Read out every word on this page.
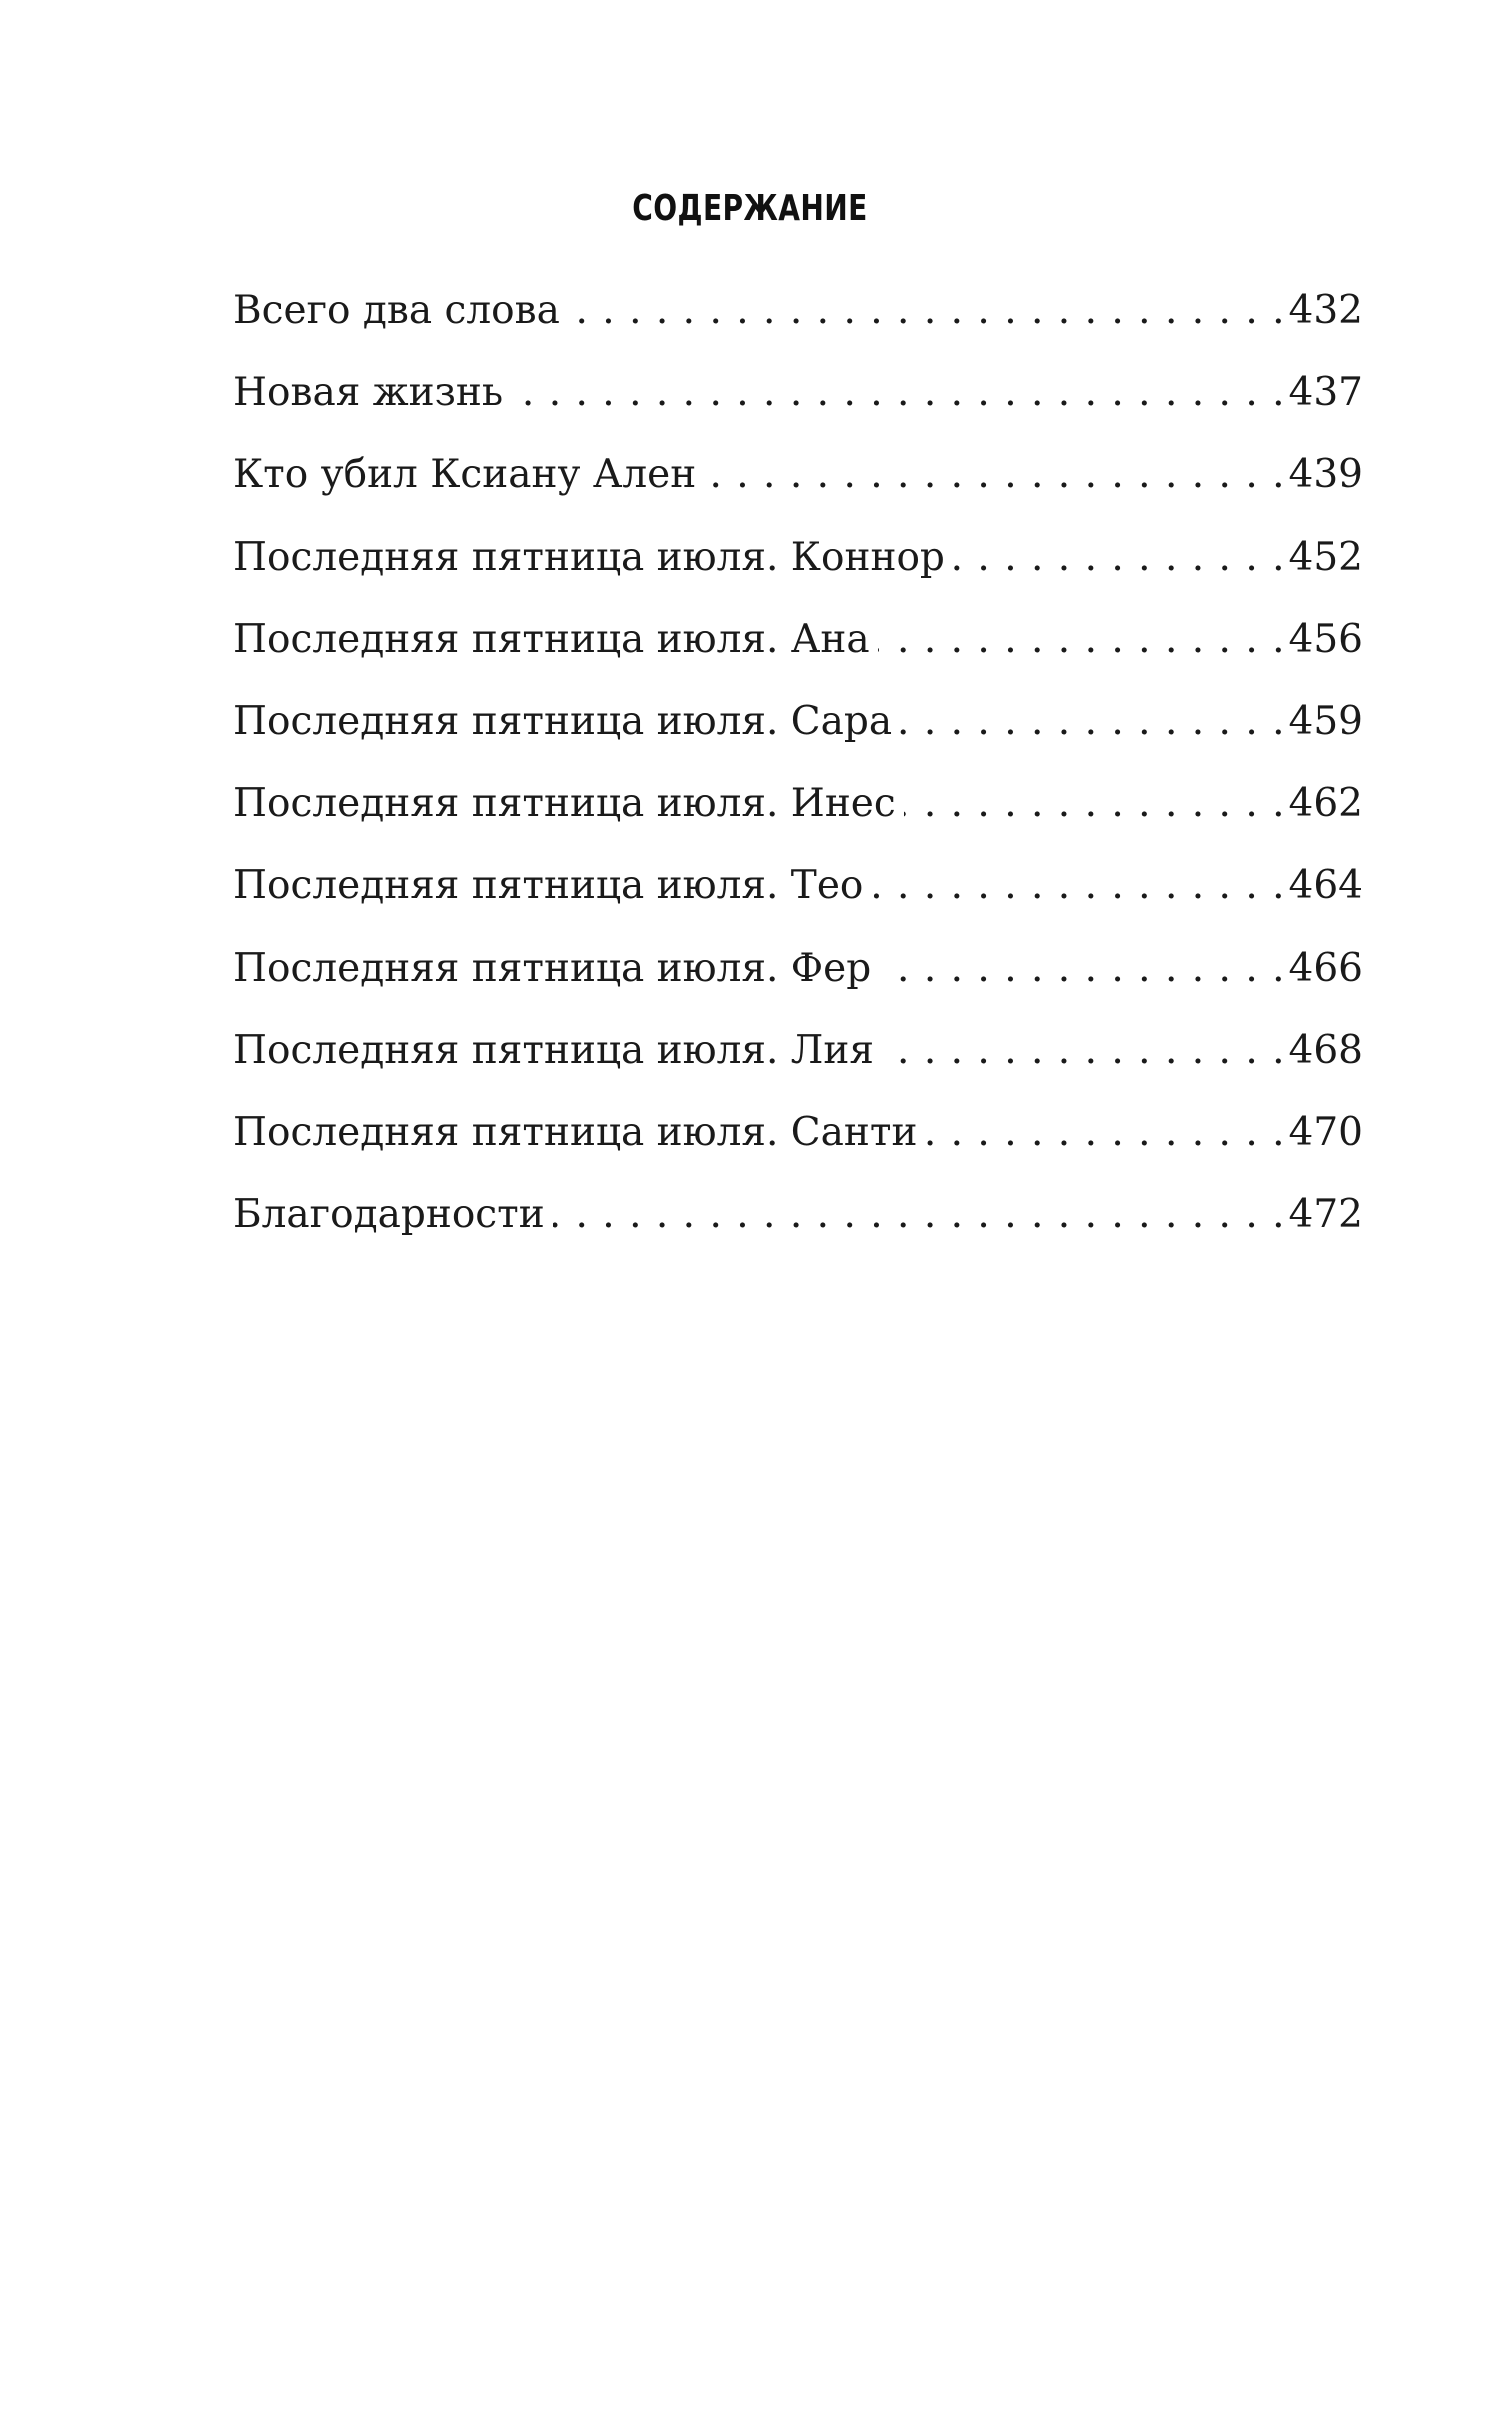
СОДЕРЖАНИЕ
Всего два слова . . .	432
Новая жизнь . . .	437
Кто убил Ксиану Ален . . .	439
Последняя пятница июля. Коннор . . .	452
Последняя пятница июля. Ана . . .	456
Последняя пятница июля. Сара . . .	459
Последняя пятница июля. Инес . . .	462
Последняя пятница июля. Тео . . .	464
Последняя пятница июля. Фер . . .	466
Последняя пятница июля. Лия . . .	468
Последняя пятница июля. Санти . . .	470
Благодарности . . .	472
